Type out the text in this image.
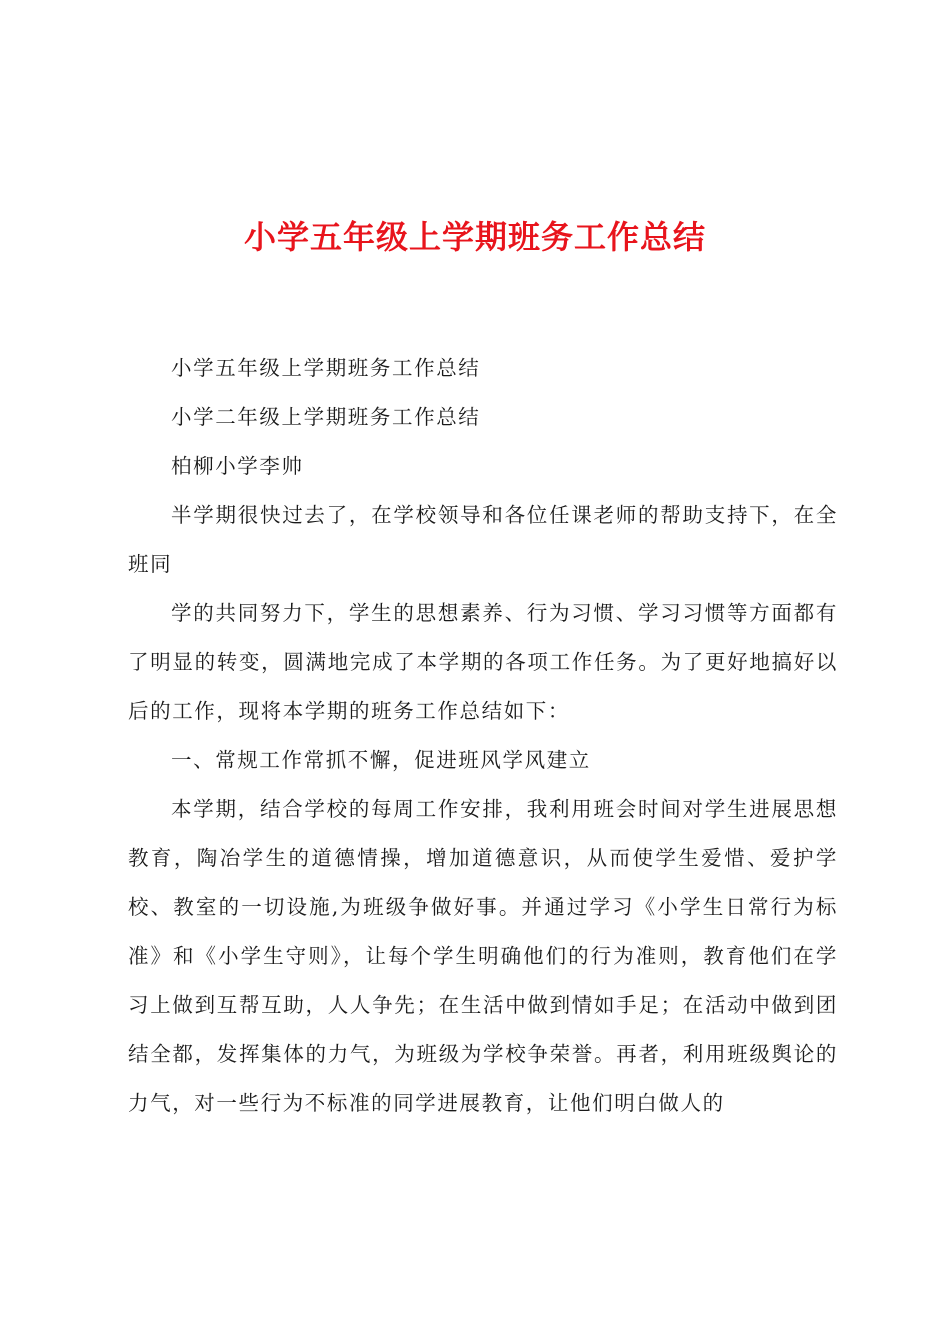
小学五年级上学期班务工作总结

小学五年级上学期班务工作总结

小学二年级上学期班务工作总结

柏柳小学李帅

半学期很快过去了，在学校领导和各位任课老师的帮助支持下，在全班同

学的共同努力下，学生的思想素养、行为习惯、学习习惯等方面都有了明显的转变，圆满地完成了本学期的各项工作任务。为了更好地搞好以后的工作，现将本学期的班务工作总结如下：

一、常规工作常抓不懈，促进班风学风建立

本学期，结合学校的每周工作安排，我利用班会时间对学生进展思想教育，陶冶学生的道德情操，增加道德意识，从而使学生爱惜、爱护学校、教室的一切设施,为班级争做好事。并通过学习《小学生日常行为标准》和《小学生守则》，让每个学生明确他们的行为准则，教育他们在学习上做到互帮互助，人人争先；在生活中做到情如手足；在活动中做到团结全都，发挥集体的力气，为班级为学校争荣誉。再者，利用班级舆论的力气，对一些行为不标准的同学进展教育，让他们明白做人的
